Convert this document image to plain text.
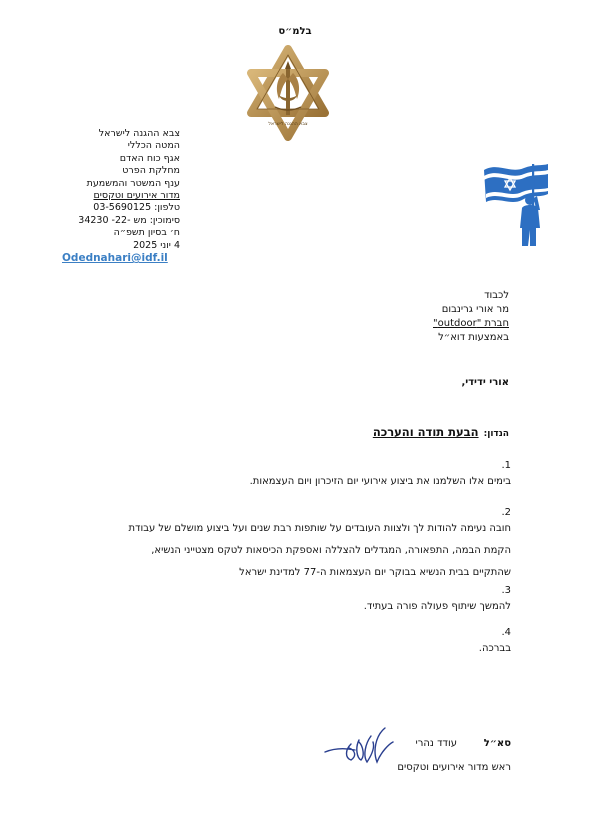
בלמ״ס
צבא ההגנה לישראל
צבא ההגנה לישראל
המטה הכללי
אגף כוח האדם
מחלקת הפרט
ענף המשטר והמשמעת
מדור אירועים וטקסים
טלפון: 03-5690125
סימוכין: מש -22- 34230
ח׳ בסיון תשפ״ה
4 יוני 2025
Odednahari@idf.il
לכבוד
מר אורי גרינבום
חברת "outdoor"
באמצעות דוא״ל
אורי ידידי,
הנדון: הבעת תודה והערכה
1. בימים אלו השלמנו את ביצוע אירועי יום הזיכרון ויום העצמאות.
2. חובה נעימה להודות לך ולצוות העובדים על שותפות רבת שנים ועל ביצוע מושלם של עבודת הקמת הבמה, התפאורה, המגדלים להצללה ואספקת הכיסאות לטקס מצטייני הנשיא, שהתקיים בבית הנשיא בבוקר יום העצמאות ה-77 למדינת ישראל
3. להמשך שיתוף פעולה פורה בעתיד.
4. בברכה.
סא״ל
עודד נהרי
ראש מדור אירועים וטקסים
